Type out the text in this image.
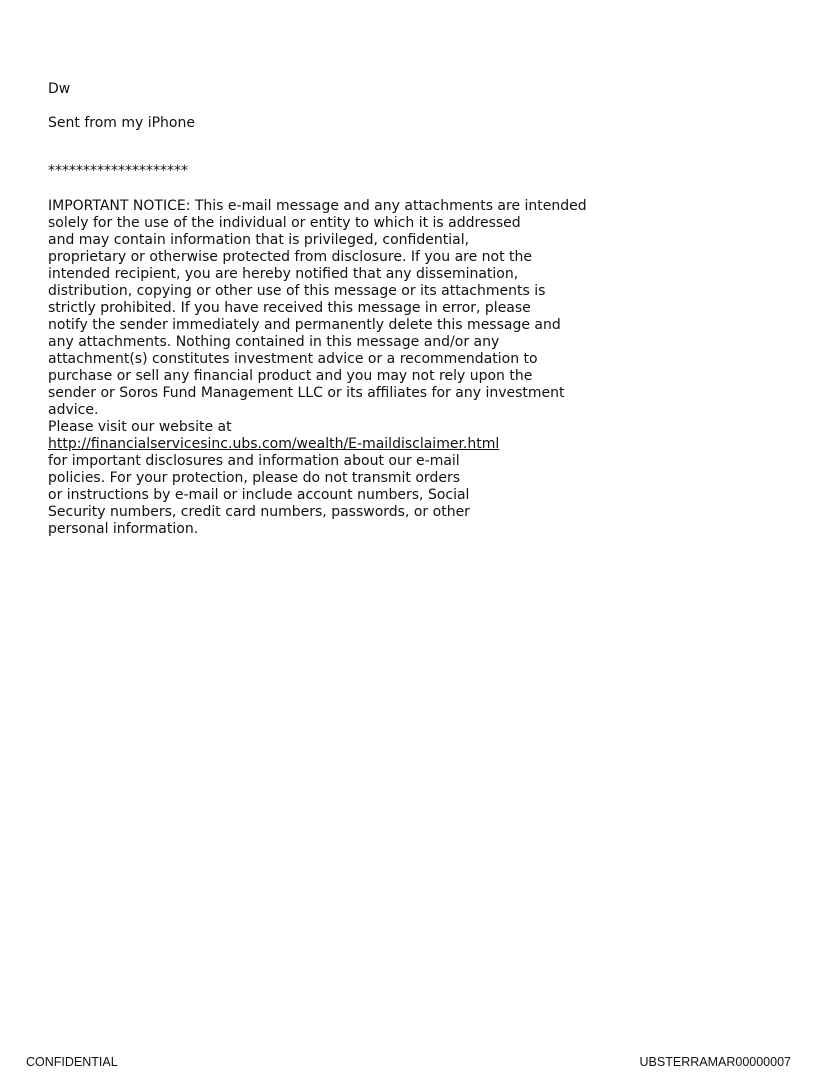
Dw
Sent from my iPhone
********************
IMPORTANT NOTICE: This e-mail message and any attachments are intended
solely for the use of the individual or entity to which it is addressed
and may contain information that is privileged, confidential,
proprietary or otherwise protected from disclosure. If you are not the
intended recipient, you are hereby notified that any dissemination,
distribution, copying or other use of this message or its attachments is
strictly prohibited. If you have received this message in error, please
notify the sender immediately and permanently delete this message and
any attachments. Nothing contained in this message and/or any
attachment(s) constitutes investment advice or a recommendation to
purchase or sell any financial product and you may not rely upon the
sender or Soros Fund Management LLC or its affiliates for any investment
advice.
Please visit our website at
http://financialservicesinc.ubs.com/wealth/E-maildisclaimer.html
for important disclosures and information about our e-mail
policies. For your protection, please do not transmit orders
or instructions by e-mail or include account numbers, Social
Security numbers, credit card numbers, passwords, or other
personal information.
CONFIDENTIAL	UBSTERRAMAR00000007
